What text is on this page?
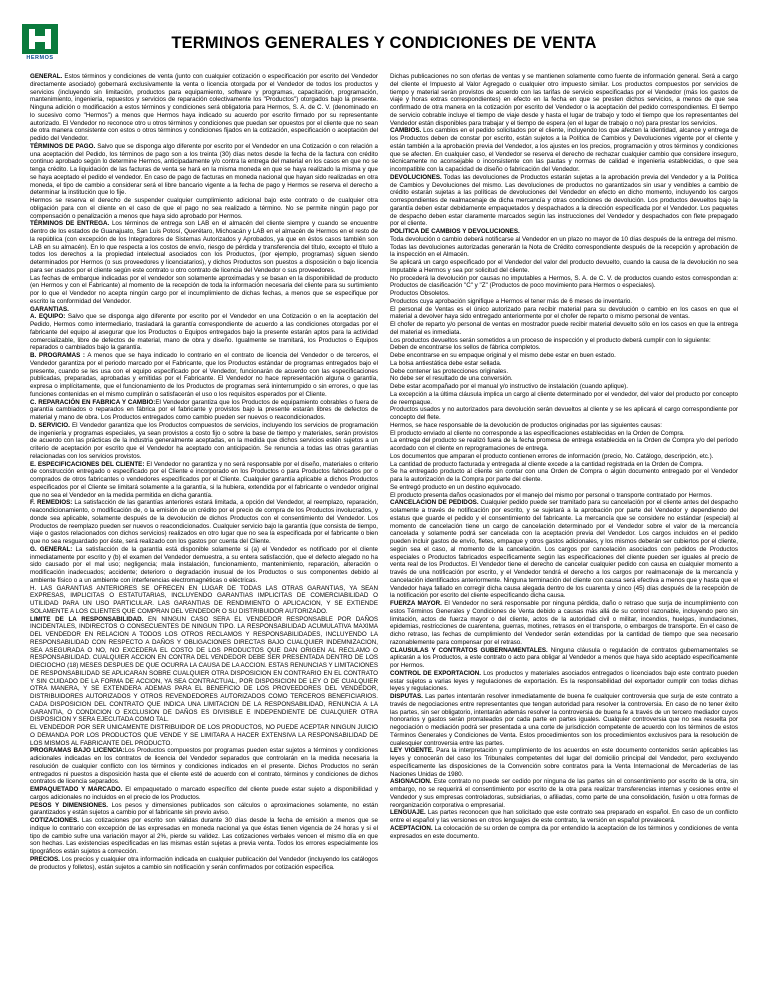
HERMOS
TERMINOS GENERALES Y CONDICIONES DE VENTA

GENERAL. Estos términos y condiciones de venta (junto con cualquier cotización o especificación por escrito del Vendedor directamente asociado) gobernará exclusivamente la venta o licencia otorgada por el Vendedor de todos los productos y servicios (incluyendo sin limitación, productos para equipamiento, software y programas, capacitación, programación, mantenimiento, ingeniería, repuestos y servicios de reparación colectivamente los "Productos") otorgados bajo la presente. Ninguna adición o modificación a estos términos y condiciones será obligatoria para Hermos, S. A. de C. V. (denominado en lo sucesivo como "Hermos") a menos que Hermos haya indicado su acuerdo por escrito firmado por su representante autorizado. El Vendedor no reconoce otro u otros términos y condiciones que puedan ser opuestos por el cliente que no sean de otra manera consistente con estos o otros términos y condiciones fijados en la cotización, especificación o aceptación del pedido del Vendedor.

TÉRMINOS DE PAGO. Salvo que se disponga algo diferente por escrito por el Vendedor en una Cotización o con relación a una aceptación del Pedido, los términos de pago son a los treinta (30) días netos desde la fecha de la factura con crédito continuo aprobado según lo determine Hermos, anticipadamente y/o contra la entrega del material en los casos en que no se tenga crédito. La liquidación de las facturas de venta se hará en la misma moneda en que se haya realizado la misma y que se haya aceptado el pedido el vendedor. En caso de pago de facturas en moneda nacional que hayan sido realizadas en otra moneda, el tipo de cambio a considerar será el libre bancario vigente a la fecha de pago y Hermos se reserva el derecho a determinar la institución que lo fije.

Hermos se reserva el derecho de suspender cualquier cumplimiento adicional bajo este contrato o de cualquier otra obligación para con el cliente en el caso de que el pago no sea realizado a término. No se permite ningún pago por compensación o penalización a menos que haya sido aprobado por Hermos.

TÉRMINOS DE ENTREGA. Los términos de entrega son LAB en el almacén del cliente siempre y cuando se encuentre dentro de los estados de Guanajuato, San Luis Potosí, Querétaro, Michoacán y LAB en el almacén de Hermos en el resto de la república (con excepción de los Integradores de Sistemas Autorizados y Aprobados, ya que en éstos casos también son LAB en su almacén). En lo que respecta a los costos de envío, riesgo de pérdida y transferencia del título, excepto el título a todos los derechos a la propiedad intelectual asociados con los Productos, (por ejemplo, programas) siguen siendo determinados por Hermos (o sus proveedores y licenciatarios), y dichos Productos son puestos a disposición o bajo licencia para ser usados por el cliente según este contrato u otro contrato de licencia del Vendedor o sus proveedores.

Las fechas de embarque indicadas por el vendedor son solamente aproximadas y se basan en la disponibilidad de producto (en Hermos y con el Fabricante) al momento de la recepción de toda la información necesaria del cliente para su surtimiento por lo que el Vendedor no acepta ningún cargo por el incumplimiento de dichas fechas, a menos que se especifique por escrito la conformidad del Vendedor.

GARANTIAS.

A. EQUIPO: Salvo que se disponga algo diferente por escrito por el Vendedor en una Cotización o en la aceptación del Pedido, Hermos como intermediario, trasladará la garantía correspondiente de acuerdo a las condiciones otorgadas por el fabricante del equipo al asegurar que los Productos o Equipos entregados bajo la presente estarán aptos para la actividad comercializable, libre de defectos de material, mano de obra y diseño. Igualmente se tramitará, los Productos o Equipos reparados o cambiados bajo la garantía.

B. PROGRAMAS : A menos que se haya indicado lo contrario en el contrato de licencia del Vendedor o de terceros, el Vendedor garantiza por el periodo marcado por el Fabricante, que los Productos estándar de programas entregados bajo el presente, cuando se les usa con el equipo especificado por el Vendedor, funcionarán de acuerdo con las especificaciones publicadas, preparadas, aprobadas y emitidas por el Fabricante. El Vendedor no hace representación alguna o garantía, expresa o implícitamente, que el funcionamiento de los Productos de programas será ininterrumpido o sin errores, o que las funciones contenidas en el mismo cumplirán o satisfacerán el uso o los requisitos esperados por el Cliente.

C. REPARACIÓN EN FABRICA Y CAMBIO:El Vendedor garantiza que los Productos de equipamiento cobrables o fuera de garantía cambiados o reparados en fábrica por el fabricante y provistos bajo la presente estarán libres de defectos de material y mano de obra. Los Productos entregados como cambio pueden ser nuevos o reacondicionados.

D. SERVICIO. El Vendedor garantiza que los Productos compuestos de servicios, incluyendo los servicios de programación de ingeniería y programas especiales, ya sean provistos a costo fijo o sobre la base de tiempo y materiales, serán provistos de acuerdo con las prácticas de la industria generalmente aceptadas, en la medida que dichos servicios estén sujetos a un criterio de aceptación por escrito que el Vendedor ha aceptado con anticipación. Se renuncia a todas las otras garantías relacionadas con los servicios provistos.

E. ESPECIFICACIONES DEL CLIENTE: El Vendedor no garantiza y no será responsable por el diseño, materiales o criterio de construcción entregado o especificado por el Cliente e incorporado en los Productos o para Productos fabricados por o comprados de otros fabricantes o vendedores especificados por el Cliente. Cualquier garantía aplicable a dichos Productos especificados por el Cliente se limitará solamente a la garantía, si la hubiera, extendida por el fabricante o vendedor original que no sea el Vendedor en la medida permitida en dicha garantía.

F. REMEDIOS: La satisfacción de las garantías anteriores estará limitada, a opción del Vendedor, al reemplazo, reparación, reacondicionamiento, o modificación de, o la emisión de un crédito por el precio de compra de los Productos involucrados, y donde sea aplicable, solamente después de la devolución de dichos Productos con el consentimiento del Vendedor. Los Productos de reemplazo pueden ser nuevos o reacondicionados. Cualquier servicio bajo la garantía (que consista de tiempo, viaje o gastos relacionados con dichos servicios) realizados en otro lugar que no sea la especificada por el fabricante o bien que no sea resguardado por éste, será realizado con los gastos por cuenta del Cliente.

G. GENERAL: La satisfacción de la garantía está disponible solamente si (a) el Vendedor es notificado por el cliente inmediatamente por escrito y (b) el examen del Vendedor demuestra, a su entera satisfacción, que el defecto alegado no ha sido causado por el mal uso; negligencia; mala instalación, funcionamiento, mantenimiento, reparación, alteración o modificación inadecuados; accidente; deterioro o degradación inusual de los Productos o sus componentes debido al ambiente físico o a un ambiente con interferencias electromagnéticas o eléctricas.

H. LAS GARANTIAS ANTERIORES SE OFRECEN EN LUGAR DE TODAS LAS OTRAS GARANTIAS, YA SEAN EXPRESAS, IMPLICITAS O ESTATUTARIAS, INCLUYENDO GARANTIAS IMPLICITAS DE COMERCIABILIDAD O UTILIDAD PARA UN USO PARTICULAR. LAS GARANTIAS DE RENDIMIENTO O APLICACION, Y SE EXTIENDE SOLAMENTE A LOS CLIENTES QUE COMPRAN DEL VENDEDOR O SU DISTRIBUIDOR AUTORIZADO.

LIMITE DE LA RESPONSABILIDAD. EN NINGUN CASO SERA EL VENDEDOR RESPONSABLE POR DAÑOS INCIDENTALES, INDIRECTOS O CONSECUENTES DE NINGUN TIPO. LA RESPONSABILIDAD ACUMULATIVA MAXIMA DEL VENDEDOR EN RELACION A TODOS LOS OTROS RECLAMOS Y RESPONSABILIDADES, INCLUYENDO LA RESPONSABILIDAD CON RESPECTO A DAÑOS Y OBLIGACIONES DIRECTAS BAJO CUALQUIER INDEMNIZACION, SEA ASEGURADA O NO, NO EXCEDERA EL COSTO DE LOS PRODUCTOS QUE DAN ORIGEN AL RECLAMO O RESPONSABILIDAD. CUALQUIER ACCION EN CONTRA DEL VENDEDOR DEBE SER PRESENTADA DENTRO DE LOS DIECIOCHO (18) MESES DESPUES DE QUE OCURRA LA CAUSA DE LA ACCION. ESTAS RENUNCIAS Y LIMITACIONES DE RESPONSABILIDAD SE APLICARAN SOBRE CUALQUIER OTRA DISPOSICION EN CONTRARIO EN EL CONTRATO Y SIN CUIDADO DE LA FORMA DE ACCION, YA SEA CONTRACTUAL, POR DISPOSICION DE LEY O DE CUALQUIER OTRA MANERA, Y SE EXTENDERA ADEMAS PARA EL BENEFICIO DE LOS PROVEEDORES DEL VENDEDOR, DISTRIBUIDORES AUTORIZADOS Y OTROS REVENDEDORES AUTORIZADOS COMO TERCEROS BENEFICIARIOS. CADA DISPOSICION DEL CONTRATO QUE INDICA UNA LIMITACION DE LA RESPONSABILIDAD, RENUNCIA A LA GARANTIA, O CONDICION O EXCLUSION DE DAÑOS ES DIVISIBLE E INDEPENDIENTE DE CUALQUIER OTRA DISPOSICION Y SERA EJECUTADA COMO TAL.

EL VENDEDOR POR SER UNICAMENTE DISTRIBUIDOR DE LOS PRODUCTOS, NO PUEDE ACEPTAR NINGUN JUICIO O DEMANDA POR LOS PRODUCTOS QUE VENDE Y SE LIMITARA A HACER EXTENSIVA LA RESPONSABILIDAD DE LOS MISMOS AL FABRICANTE DEL PRODUCTO.

PROGRAMAS BAJO LICENCIA:Los Productos compuestos por programas pueden estar sujetos a términos y condiciones adicionales indicadas en los contratos de licencia del Vendedor separados que controlarán en la medida necesaria la resolución de cualquier conflicto con los términos y condiciones indicados en el presente. Dichos Productos no serán entregados ni puestos a disposición hasta que el cliente esté de acuerdo con el contrato, términos y condiciones de dichos contratos de licencia separados.

EMPAQUETADO Y MARCADO. El empaquetado o marcado específico del cliente puede estar sujeto a disponibilidad y cargos adicionales no incluidos en el precio de los Productos.

PESOS Y DIMENSIONES. Los pesos y dimensiones publicados son cálculos o aproximaciones solamente, no están garantizados y están sujetos a cambio por el fabricante sin previo aviso.

COTIZACIONES. Las cotizaciones por escrito son válidas durante 30 días desde la fecha de emisión a menos que se indique lo contrario con excepción de las expresadas en moneda nacional ya que éstas tienen vigencia de 24 horas y si el tipo de cambio sufre una variación mayor al 2%, pierde su validez. Las cotizaciones verbales vencen el mismo día en que son hechas. Las existencias especificadas en las mismas están sujetas a previa venta. Todos los errores especialmente los tipográficos están sujetos a corrección.

PRECIOS. Los precios y cualquier otra información indicada en cualquier publicación del Vendedor (incluyendo los catálogos de productos y folletos), están sujetos a cambio sin notificación y serán confirmados por cotización específica.

Dichas publicaciones no son ofertas de ventas y se mantienen solamente como fuente de información general. Será a cargo del cliente el Impuesto al Valor Agregado o cualquier otro impuesto similar. Los productos compuestos por servicios de tiempo y material serán provistos de acuerdo con las tarifas de servicio especificadas por el Vendedor (más los gastos de viaje y horas extras correspondientes) en efecto en la fecha en que se presten dichos servicios, a menos de que sea confirmado de otra manera en la cotización por escrito del Vendedor o la aceptación del pedido correspondientes. El tiempo de servicio cobrable incluye el tiempo de viaje desde y hasta el lugar de trabajo y todo el tiempo que los representantes del Vendedor están disponibles para trabajar y el tiempo de espera (en el lugar de trabajo o no) para prestar los servicios.

CAMBIOS. Los cambios en el pedido solicitados por el cliente, incluyendo los que afecten la identidad, alcance y entrega de los Productos deben de constar por escrito, están sujetos a la Política de Cambios y Devoluciones vigente por el cliente y están también a la aprobación previa del Vendedor, a los ajustes en los precios, programación y otros términos y condiciones que se afecten. En cualquier caso, el Vendedor se reserva el derecho de rechazar cualquier cambio que considere inseguro, técnicamente no aconsejable o inconsistente con las pautas y normas de calidad e ingeniería establecidas, o que sea incompatible con la capacidad de diseño o fabricación del Vendedor.

DEVOLUCIONES. Todas las devoluciones de Productos estarán sujetas a la aprobación previa del Vendedor y a la Política de Cambios y Devoluciones del mismo. Las devoluciones de productos no garantizados sin usar y vendibles a cambio de crédito estarán sujetas a las políticas de devoluciones del Vendedor en efecto en dicho momento, incluyendo los cargos correspondientes de realmacenaje de dicha mercancía y otras condiciones de devolución. Los productos devueltos bajo la garantía deben estar debidamente empaquetados y despachados a la dirección especificada por el Vendedor. Los paquetes de despacho deben estar claramente marcados según las instrucciones del Vendedor y despachados con flete prepagado por el cliente.

POLITICA DE CAMBIOS Y DEVOLUCIONES.

Toda devolución o cambio deberá notificarse al Vendedor en un plazo no mayor de 10 días después de la entrega del mismo.

Todas las devoluciones autorizadas generarán la Nota de Crédito correspondiente después de la recepción y aprobación de la inspección en el Almacén.

Se aplicará un cargo especificado por el Vendedor del valor del producto devuelto, cuando la causa de la devolución no sea imputable a Hermos y sea por solicitud del cliente.

No procederá la devolución por causas no imputables a Hermos, S. A. de C. V. de productos cuando estos correspondan a: Productos de clasificación "C" y "Z" (Productos de poco movimiento para Hermos o especiales).

Productos Obsoletos.

Productos cuya aprobación signifique a Hermos el tener más de 6 meses de inventario.

El personal de Ventas es el único autorizado para recibir material para su devolución o cambio en los casos en que el material a devolver haya sido entregado anteriormente por el chofer de reparto o mismo personal de ventas.

El chofer de reparto y/o personal de ventas en mostrador puede recibir material devuelto sólo en los casos en que la entrega del material es inmediata.

Los productos devueltos serán sometidos a un proceso de inspección y el producto deberá cumplir con lo siguiente:

Deben de encontrarse los sellos de fábrica completos.

Debe encontrarse en su empaque original y el mismo debe estar en buen estado.

La bolsa antiestática debe estar sellada.

Debe contener las protecciones originales.

No debe ser el resultado de una conversión.

Debe estar acompañado por el manual y/o instructivo de instalación (cuando aplique).

La excepción a la última cláusula implica un cargo al cliente determinado por el vendedor, del valor del producto por concepto de reempaque.

Productos usados y no autorizados para devolución serán devueltos al cliente y se les aplicará el cargo correspondiente por concepto del flete.

Hermos, se hace responsable de la devolución de productos originadas por las siguientes causas:

El producto enviado al cliente no corresponde a las especificaciones establecidas en la Orden de Compra.

La entrega del producto se realizó fuera de la fecha promesa de entrega establecida en la Orden de Compra y/o del período acordado con el cliente en reprogramaciones de entrega.

Los documentos que amparan el producto contienen errores de información (precio, No. Catálogo, descripción, etc.).

La cantidad de producto facturada y entregada al cliente excede a la cantidad registrada en la Orden de Compra.

Se ha entregado producto al cliente sin contar con una Orden de Compra o algún documento entregado por el Vendedor para la autorización de la Compra por parte del cliente.

Se entregó producto en un destino equivocado.

El producto presenta daños ocasionados por el manejo del mismo por personal o transporte contratado por Hermos.

CANCELACION DE PEDIDOS. Cualquier pedido puede ser tramitado para su cancelación por el cliente antes del despacho solamente a través de notificación por escrito, y se sujetará a la aprobación por parte del Vendedor y dependiendo del estatus que guarde el pedido y el consentimiento del fabricante. La mercancía que se considere no estándar (especial) al momento de cancelación tiene un cargo de cancelación determinado por el Vendedor sobre el valor de la mercancía cancelada y solamente podrá ser cancelada con la aceptación previa del Vendedor. Los cargos incluidos en el pedido pueden incluir gastos de envío, fletes, empaque y otros gastos adicionales, y los mismos deberán ser cubiertos por el cliente, según sea el caso, al momento de la cancelación. Los cargos por cancelación asociados con pedidos de Productos especiales o Productos fabricados específicamente según las especificaciones del cliente pueden ser iguales al precio de venta real de los Productos. El Vendedor tiene el derecho de cancelar cualquier pedido con causa en cualquier momento a través de una notificación por escrito, y el Vendedor tendrá el derecho a los cargos por realmacenaje de la mercancía y cancelación identificados anteriormente. Ninguna terminación del cliente con causa será efectiva a menos que y hasta que el Vendedor haya fallado en corregir dicha causa alegada dentro de los cuarenta y cinco (45) días después de la recepción de la notificación por escrito del cliente especificando dicha causa.

FUERZA MAYOR. El Vendedor no será responsable por ninguna pérdida, daño o retraso que surja de incumplimiento con estos Términos Generales y Condiciones de Venta debido a causas más allá de su control razonable, incluyendo pero sin limitación, actos de fuerza mayor o del cliente, actos de la autoridad civil o militar, incendios, huelgas, inundaciones, epidemias, restricciones de cuarentena, guerras, motines, retrasos en el transporte, o embargos de transporte. En el caso de dicho retraso, las fechas de cumplimiento del Vendedor serán extendidas por la cantidad de tiempo que sea necesario razonablemente para compensar por el retraso.

CLAUSULAS Y CONTRATOS GUBERNAMENTALES. Ninguna cláusula o regulación de contratos gubernamentales se aplicarán a los Productos, a este contrato o acto para obligar al Vendedor a menos que haya sido aceptado específicamente por Hermos.

CONTROL DE EXPORTACION. Los productos y materiales asociados entregados o licenciados bajo este contrato pueden estar sujetos a varias leyes y regulaciones de exportación. Es la responsabilidad del exportador cumplir con todas dichas leyes y regulaciones.

DISPUTAS. Las partes intentarán resolver inmediatamente de buena fe cualquier controversia que surja de este contrato a través de negociaciones entre representantes que tengan autoridad para resolver la controversia. En caso de no tener éxito las partes, sin ser obligatorio, intentarán además resolver la controversia de buena fe a través de un tercero mediador cuyos honorarios y gastos serán prorrateados por cada parte en partes iguales. Cualquier controversia que no sea resuelta por negociación o mediación podrá ser presentada a una corte de jurisdicción competente de acuerdo con los términos de estos Términos Generales y Condiciones de Venta. Estos procedimientos son los procedimientos exclusivos para la resolución de cualesquier controversia entre las partes.

LEY VIGENTE. Para la interpretación y cumplimiento de los acuerdos en este documento contenidos serán aplicables las leyes y conocerán del caso los Tribunales competentes del lugar del domicilio principal del Vendedor, pero excluyendo específicamente las disposiciones de la Convención sobre contratos para la Venta Internacional de Mercaderías de las Naciones Unidas de 1980.

ASIGNACION. Este contrato no puede ser cedido por ninguna de las partes sin el consentimiento por escrito de la otra, sin embargo, no se requerirá el consentimiento por escrito de la otra para realizar transferencias internas y cesiones entre el Vendedor y sus empresas controladoras, subsidiarias, o afiliadas, como parte de una consolidación, fusión u otra formas de reorganización corporativa o empresarial.

LENGUAJE. Las partes reconocen que han solicitado que este contrato sea preparado en español. En caso de un conflicto entre el español y las versiones en otros lenguajes de este contrato, la versión en español prevalecerá.

ACEPTACION. La colocación de su orden de compra da por entendido la aceptación de los términos y condiciones de venta expresados en este documento.
